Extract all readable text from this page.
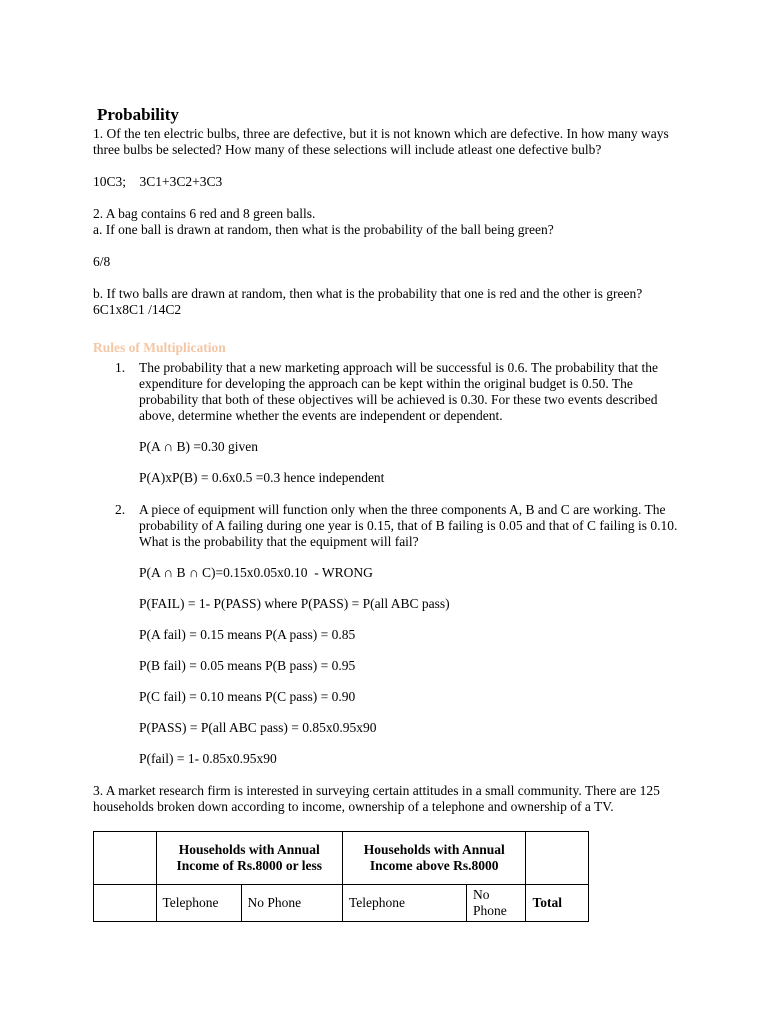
Probability

1. Of the ten electric bulbs, three are defective, but it is not known which are defective. In how many ways three bulbs be selected? How many of these selections will include atleast one defective bulb?

10C3;    3C1+3C2+3C3

2. A bag contains 6 red and 8 green balls.

a. If one ball is drawn at random, then what is the probability of the ball being green?

6/8

b. If two balls are drawn at random, then what is the probability that one is red and the other is green?

6C1x8C1 /14C2

Rules of Multiplication
1. The probability that a new marketing approach will be successful is 0.6. The probability that the expenditure for developing the approach can be kept within the original budget is 0.50. The probability that both of these objectives will be achieved is 0.30. For these two events described above, determine whether the events are independent or dependent.

P(A ∩ B) =0.30 given

P(A)xP(B) = 0.6x0.5 =0.3 hence independent

2. A piece of equipment will function only when the three components A, B and C are working. The probability of A failing during one year is 0.15, that of B failing is 0.05 and that of C failing is 0.10. What is the probability that the equipment will fail?

P(A ∩ B ∩ C)=0.15x0.05x0.10  - WRONG

P(FAIL) = 1- P(PASS) where P(PASS) = P(all ABC pass)

P(A fail) = 0.15 means P(A pass) = 0.85

P(B fail) = 0.05 means P(B pass) = 0.95

P(C fail) = 0.10 means P(C pass) = 0.90

P(PASS) = P(all ABC pass) = 0.85x0.95x90

P(fail) = 1- 0.85x0.95x90

3. A market research firm is interested in surveying certain attitudes in a small community. There are 125 households broken down according to income, ownership of a telephone and ownership of a TV.

	Households with Annual Income of Rs.8000 or less		Households with Annual Income above Rs.8000		
	Telephone	No Phone	Telephone	No Phone	Total
